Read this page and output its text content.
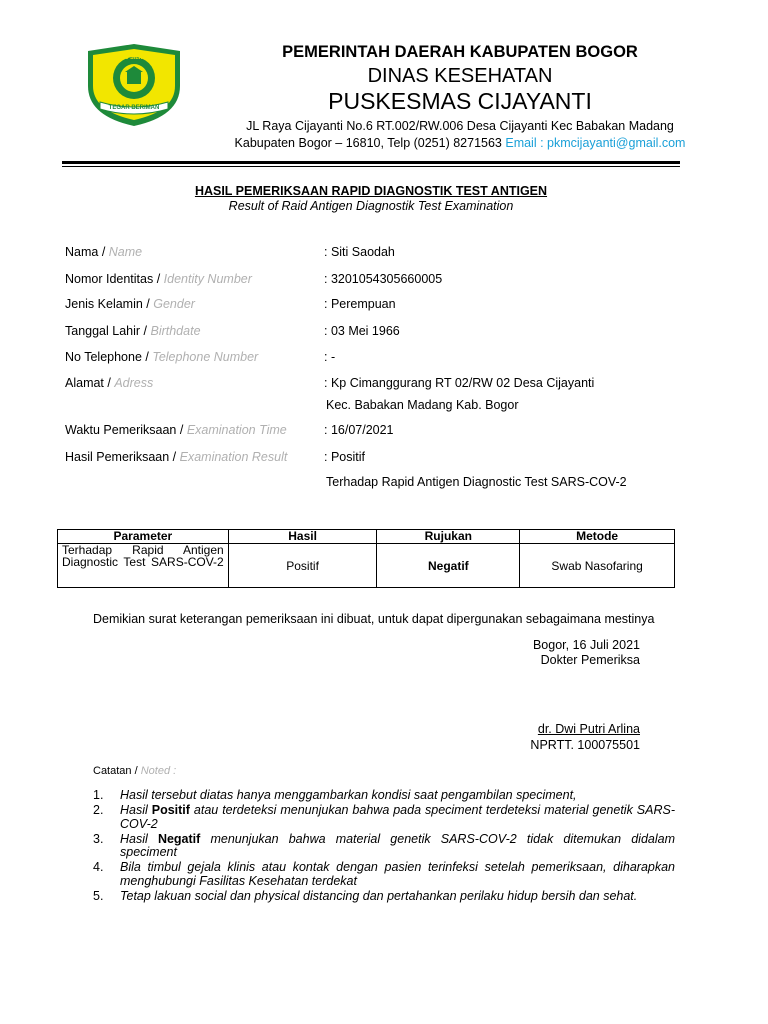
PRABU SILIWANGI
TEGAR BERIMAN
PEMERINTAH DAERAH KABUPATEN BOGOR
DINAS KESEHATAN
PUSKESMAS CIJAYANTI
JL Raya Cijayanti No.6 RT.002/RW.006 Desa Cijayanti Kec Babakan Madang
Kabupaten Bogor – 16810, Telp (0251) 8271563 Email : pkmcijayanti@gmail.com
HASIL PEMERIKSAAN RAPID DIAGNOSTIK TEST ANTIGEN
Result of Raid Antigen Diagnostik Test Examination
Nama / Name	: Siti Saodah
Nomor Identitas / Identity Number	: 3201054305660005
Jenis Kelamin / Gender	: Perempuan
Tanggal Lahir / Birthdate	: 03 Mei 1966
No Telephone / Telephone Number	: -
Alamat / Adress	: Kp Cimanggurang RT 02/RW 02 Desa Cijayanti
Kec. Babakan Madang Kab. Bogor
Waktu Pemeriksaan / Examination Time	: 16/07/2021
Hasil Pemeriksaan / Examination Result	: Positif
Terhadap Rapid Antigen Diagnostic Test SARS-COV-2
Parameter	Hasil	Rujukan	Metode
Terhadap Rapid Antigen Diagnostic Test SARS-COV-2	Positif	Negatif	Swab Nasofaring
Demikian surat keterangan pemeriksaan ini dibuat, untuk dapat dipergunakan sebagaimana mestinya
Bogor, 16 Juli 2021
Dokter Pemeriksa
dr. Dwi Putri Arlina
NPRTT. 100075501
Catatan / Noted :
1.	Hasil tersebut diatas hanya menggambarkan kondisi saat pengambilan speciment,
2.	Hasil Positif atau terdeteksi menunjukan bahwa pada speciment terdeteksi material genetik SARS-COV-2
3.	Hasil Negatif menunjukan bahwa material genetik SARS-COV-2 tidak ditemukan didalam speciment
4.	Bila timbul gejala klinis atau kontak dengan pasien terinfeksi setelah pemeriksaan, diharapkan menghubungi Fasilitas Kesehatan terdekat
5.	Tetap lakuan social dan physical distancing dan pertahankan perilaku hidup bersih dan sehat.
